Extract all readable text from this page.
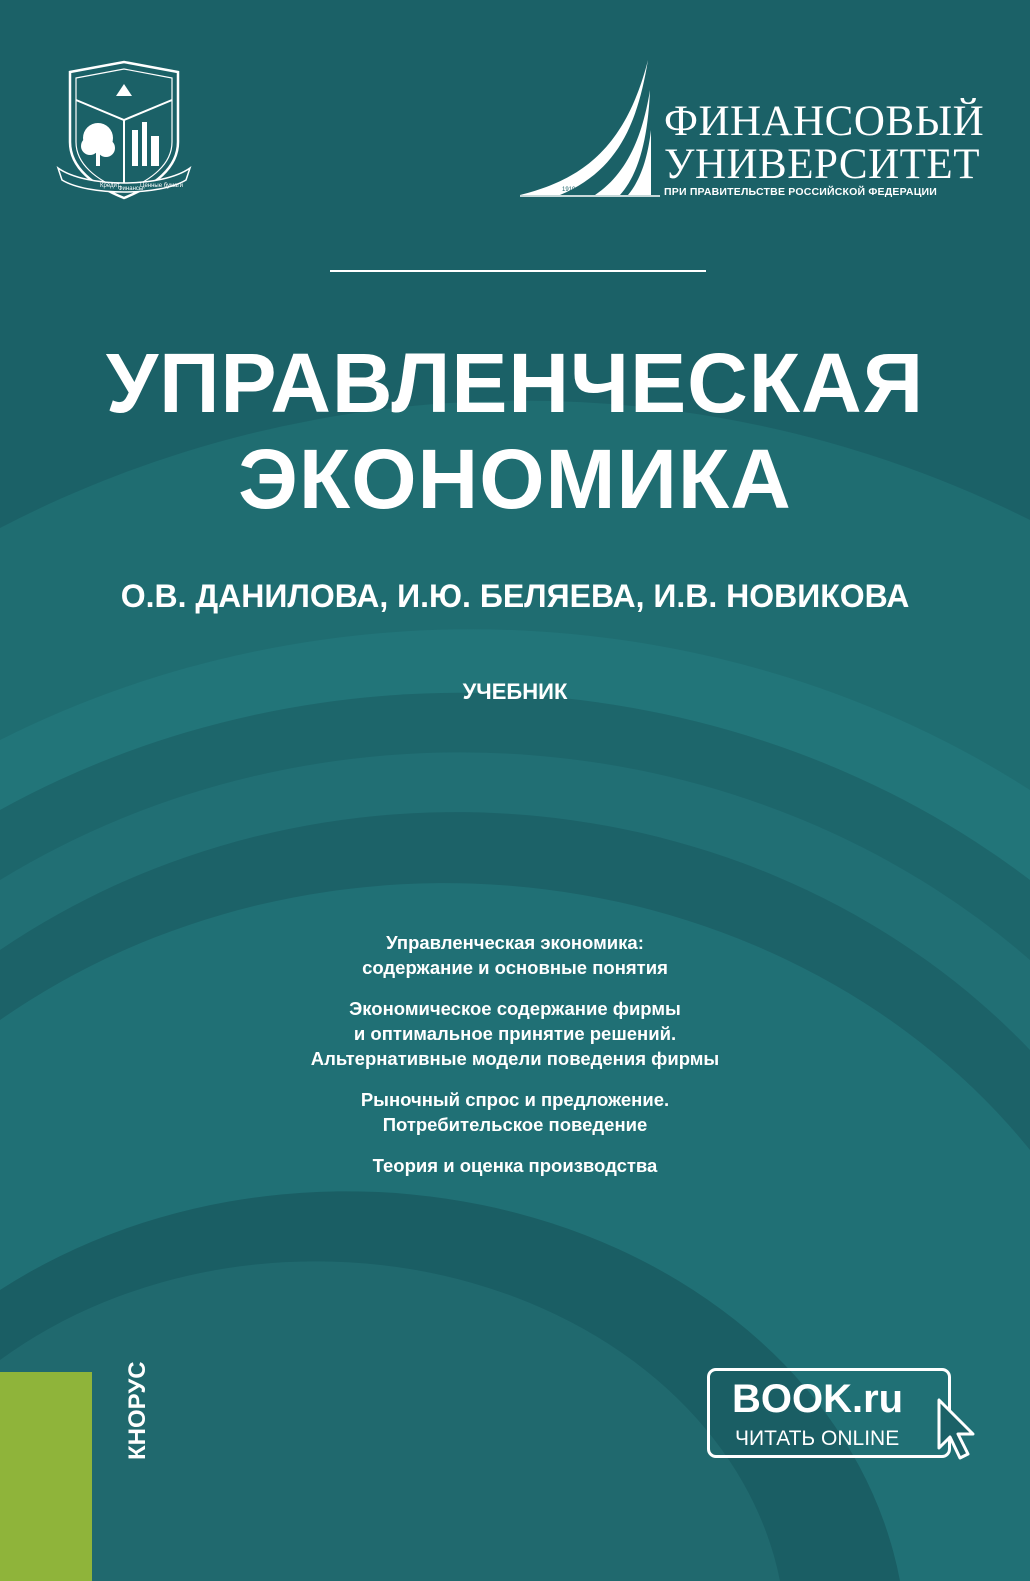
Кредит
Финансы
Ценные бумаги
1919
ФИНАНСОВЫЙ
УНИВЕРСИТЕТ
ПРИ ПРАВИТЕЛЬСТВЕ РОССИЙСКОЙ ФЕДЕРАЦИИ
УПРАВЛЕНЧЕСКАЯ
ЭКОНОМИКА
О.В. ДАНИЛОВА, И.Ю. БЕЛЯЕВА, И.В. НОВИКОВА
УЧЕБНИК
Управленческая экономика:
содержание и основные понятия
Экономическое содержание фирмы
и оптимальное принятие решений.
Альтернативные модели поведения фирмы
Рыночный спрос и предложение.
Потребительское поведение
Теория и оценка производства
КНОРУС	BOOK.ru
ЧИТАТЬ ONLINE
